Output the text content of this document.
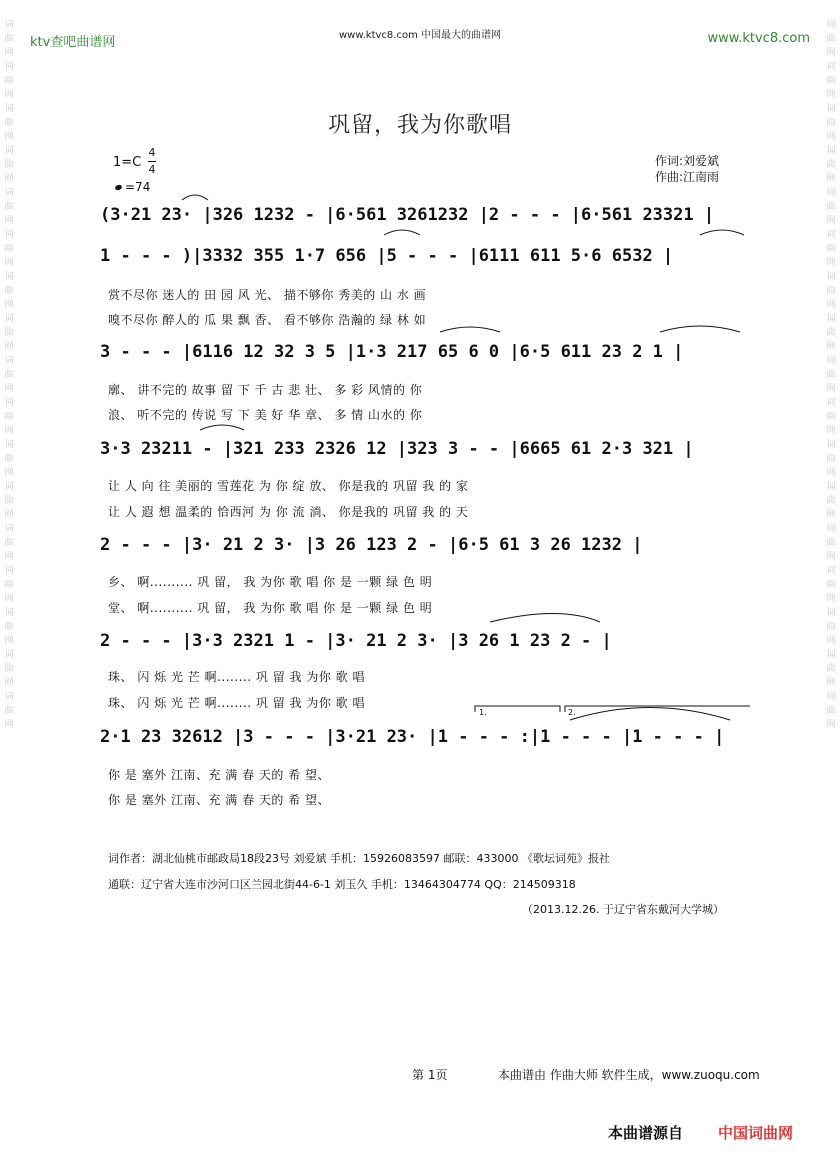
词
曲
网
词
曲
网
词
曲
网
词
曲
网
词
曲
网
词
曲
网
词
曲
网
词
曲
网
词
曲
网
词
曲
网
词
曲
网
词
曲
网
词
曲
网
词
曲
网
词
曲
网
词
曲
网
词
曲
网
词
曲
网
词
曲
网
词
曲
网
词
曲
网
词
曲
网
词
曲
网
词
曲
网
词
曲
网
词
曲
网
词
曲
网
词
曲
网
词
曲
网
词
曲
网
词
曲
网
词
曲
网
词
曲
网
词
曲
网
ktv查吧曲谱网	www.ktvc8.com 中国最大的曲谱网	www.ktvc8.com
巩留，我为你歌唱
1=C
4
4
=74
作词:刘爱斌
作曲:江南雨
(3·21 23· |326 1232 - |6·561 3261232 |2 - - - |6·561 23321 |
1 - - - )|3332 355 1·7 656 |5 - - - |6111 611 5·6 6532 |
赏不尽你 迷人的 田 园 风 光、 描不够你 秀美的 山 水 画
嗅不尽你 醉人的 瓜 果 飘 香、 看不够你 浩瀚的 绿 林 如
3 - - - |6116 12 32 3 5 |1·3 217 65 6 0 |6·5 611 23 2 1 |
廓、 讲不完的 故事 留 下 千 古 悲 壮、 多 彩 风情的 你
浪、 听不完的 传说 写 下 美 好 华 章、 多 情 山水的 你
3·3 23211 - |321 233 2326 12 |323 3 - - |6665 61 2·3 321 |
让 人 向 往 美丽的 雪莲花 为 你 绽 放、 你是我的 巩留 我 的 家
让 人 遐 想 温柔的 恰西河 为 你 流 淌、 你是我的 巩留 我 的 天
2 - - - |3· 21 2 3· |3 26 123 2 - |6·5 61 3 26 1232 |
乡、 啊.......... 巩 留， 我 为你 歌 唱 你 是 一颗 绿 色 明
堂、 啊.......... 巩 留， 我 为你 歌 唱 你 是 一颗 绿 色 明
2 - - - |3·3 2321 1 - |3· 21 2 3· |3 26 1 23 2 - |
珠、 闪 烁 光 芒 啊........ 巩 留 我 为你 歌 唱
珠、 闪 烁 光 芒 啊........ 巩 留 我 为你 歌 唱
2·1 23 32612 |3 - - - |3·21 23· |1 - - - :|1 - - - |1 - - - |
你 是 塞外 江南、充 满 春 天的 希 望、
你 是 塞外 江南、充 满 春 天的 希 望、
1.	2.
词作者：湖北仙桃市邮政局18段23号 刘爱斌 手机：15926083597 邮联：433000 《歌坛词苑》报社
通联：辽宁省大连市沙河口区兰园北街44-6-1 刘玉久 手机：13464304774 QQ：214509318
（2013.12.26. 于辽宁省东戴河大学城）
第 1页	本曲谱由 作曲大师 软件生成，www.zuoqu.com
本曲谱源自 中国词曲网
